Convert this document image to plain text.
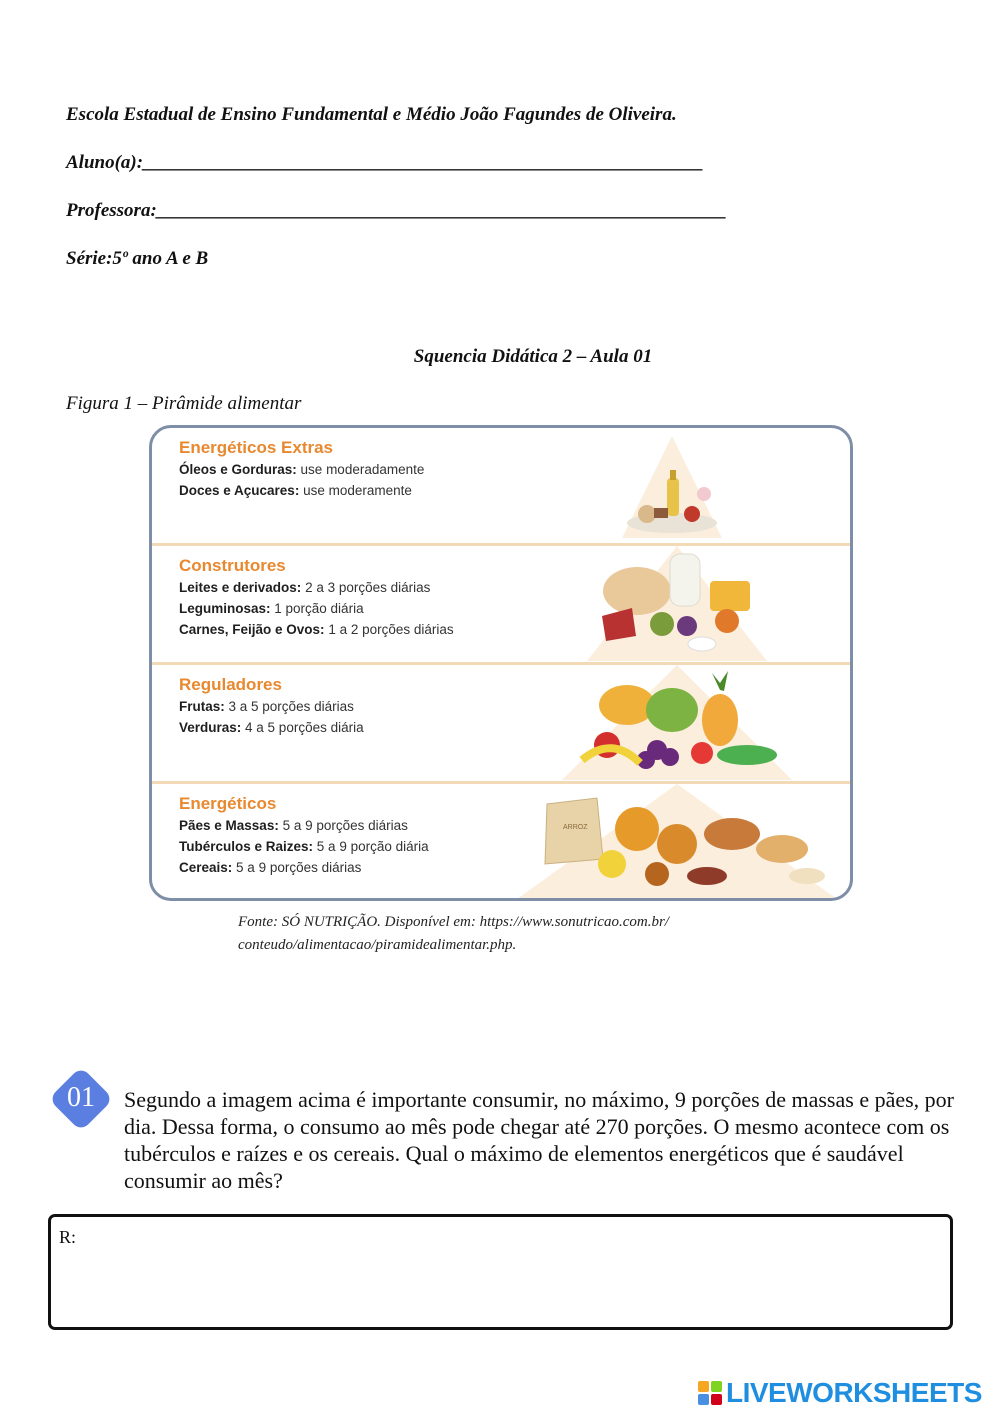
Escola Estadual de Ensino Fundamental e Médio João Fagundes de Oliveira.
Aluno(a):___________________________________________________________
Professora:____________________________________________________________
Série:5º ano A e B
Squencia Didática 2 – Aula 01
Figura 1 – Pirâmide alimentar
Energéticos Extras
Óleos e Gorduras: use moderadamente
Doces e Açucares: use moderamente
Construtores
Leites e derivados: 2 a 3 porções diárias
Leguminosas: 1 porção diária
Carnes, Feijão e Ovos: 1 a 2 porções diárias
Reguladores
Frutas: 3 a 5 porções diárias
Verduras: 4 a 5 porções diária
Energéticos
Pães e Massas: 5 a 9 porções diárias
Tubérculos e Raizes: 5 a 9 porção diária
Cereais: 5 a 9 porções diárias
ARROZ
Fonte: SÓ NUTRIÇÃO. Disponível em: https://www.sonutricao.com.br/
conteudo/alimentacao/piramidealimentar.php.
01	Segundo a imagem acima é importante consumir, no máximo, 9 porções de massas e pães, por dia. Dessa forma, o consumo ao mês pode chegar até 270 porções. O mesmo acontece com os tubérculos e raízes e os cereais. Qual o máximo de elementos energéticos que é saudável consumir ao mês?
R:
LIVEWORKSHEETS
